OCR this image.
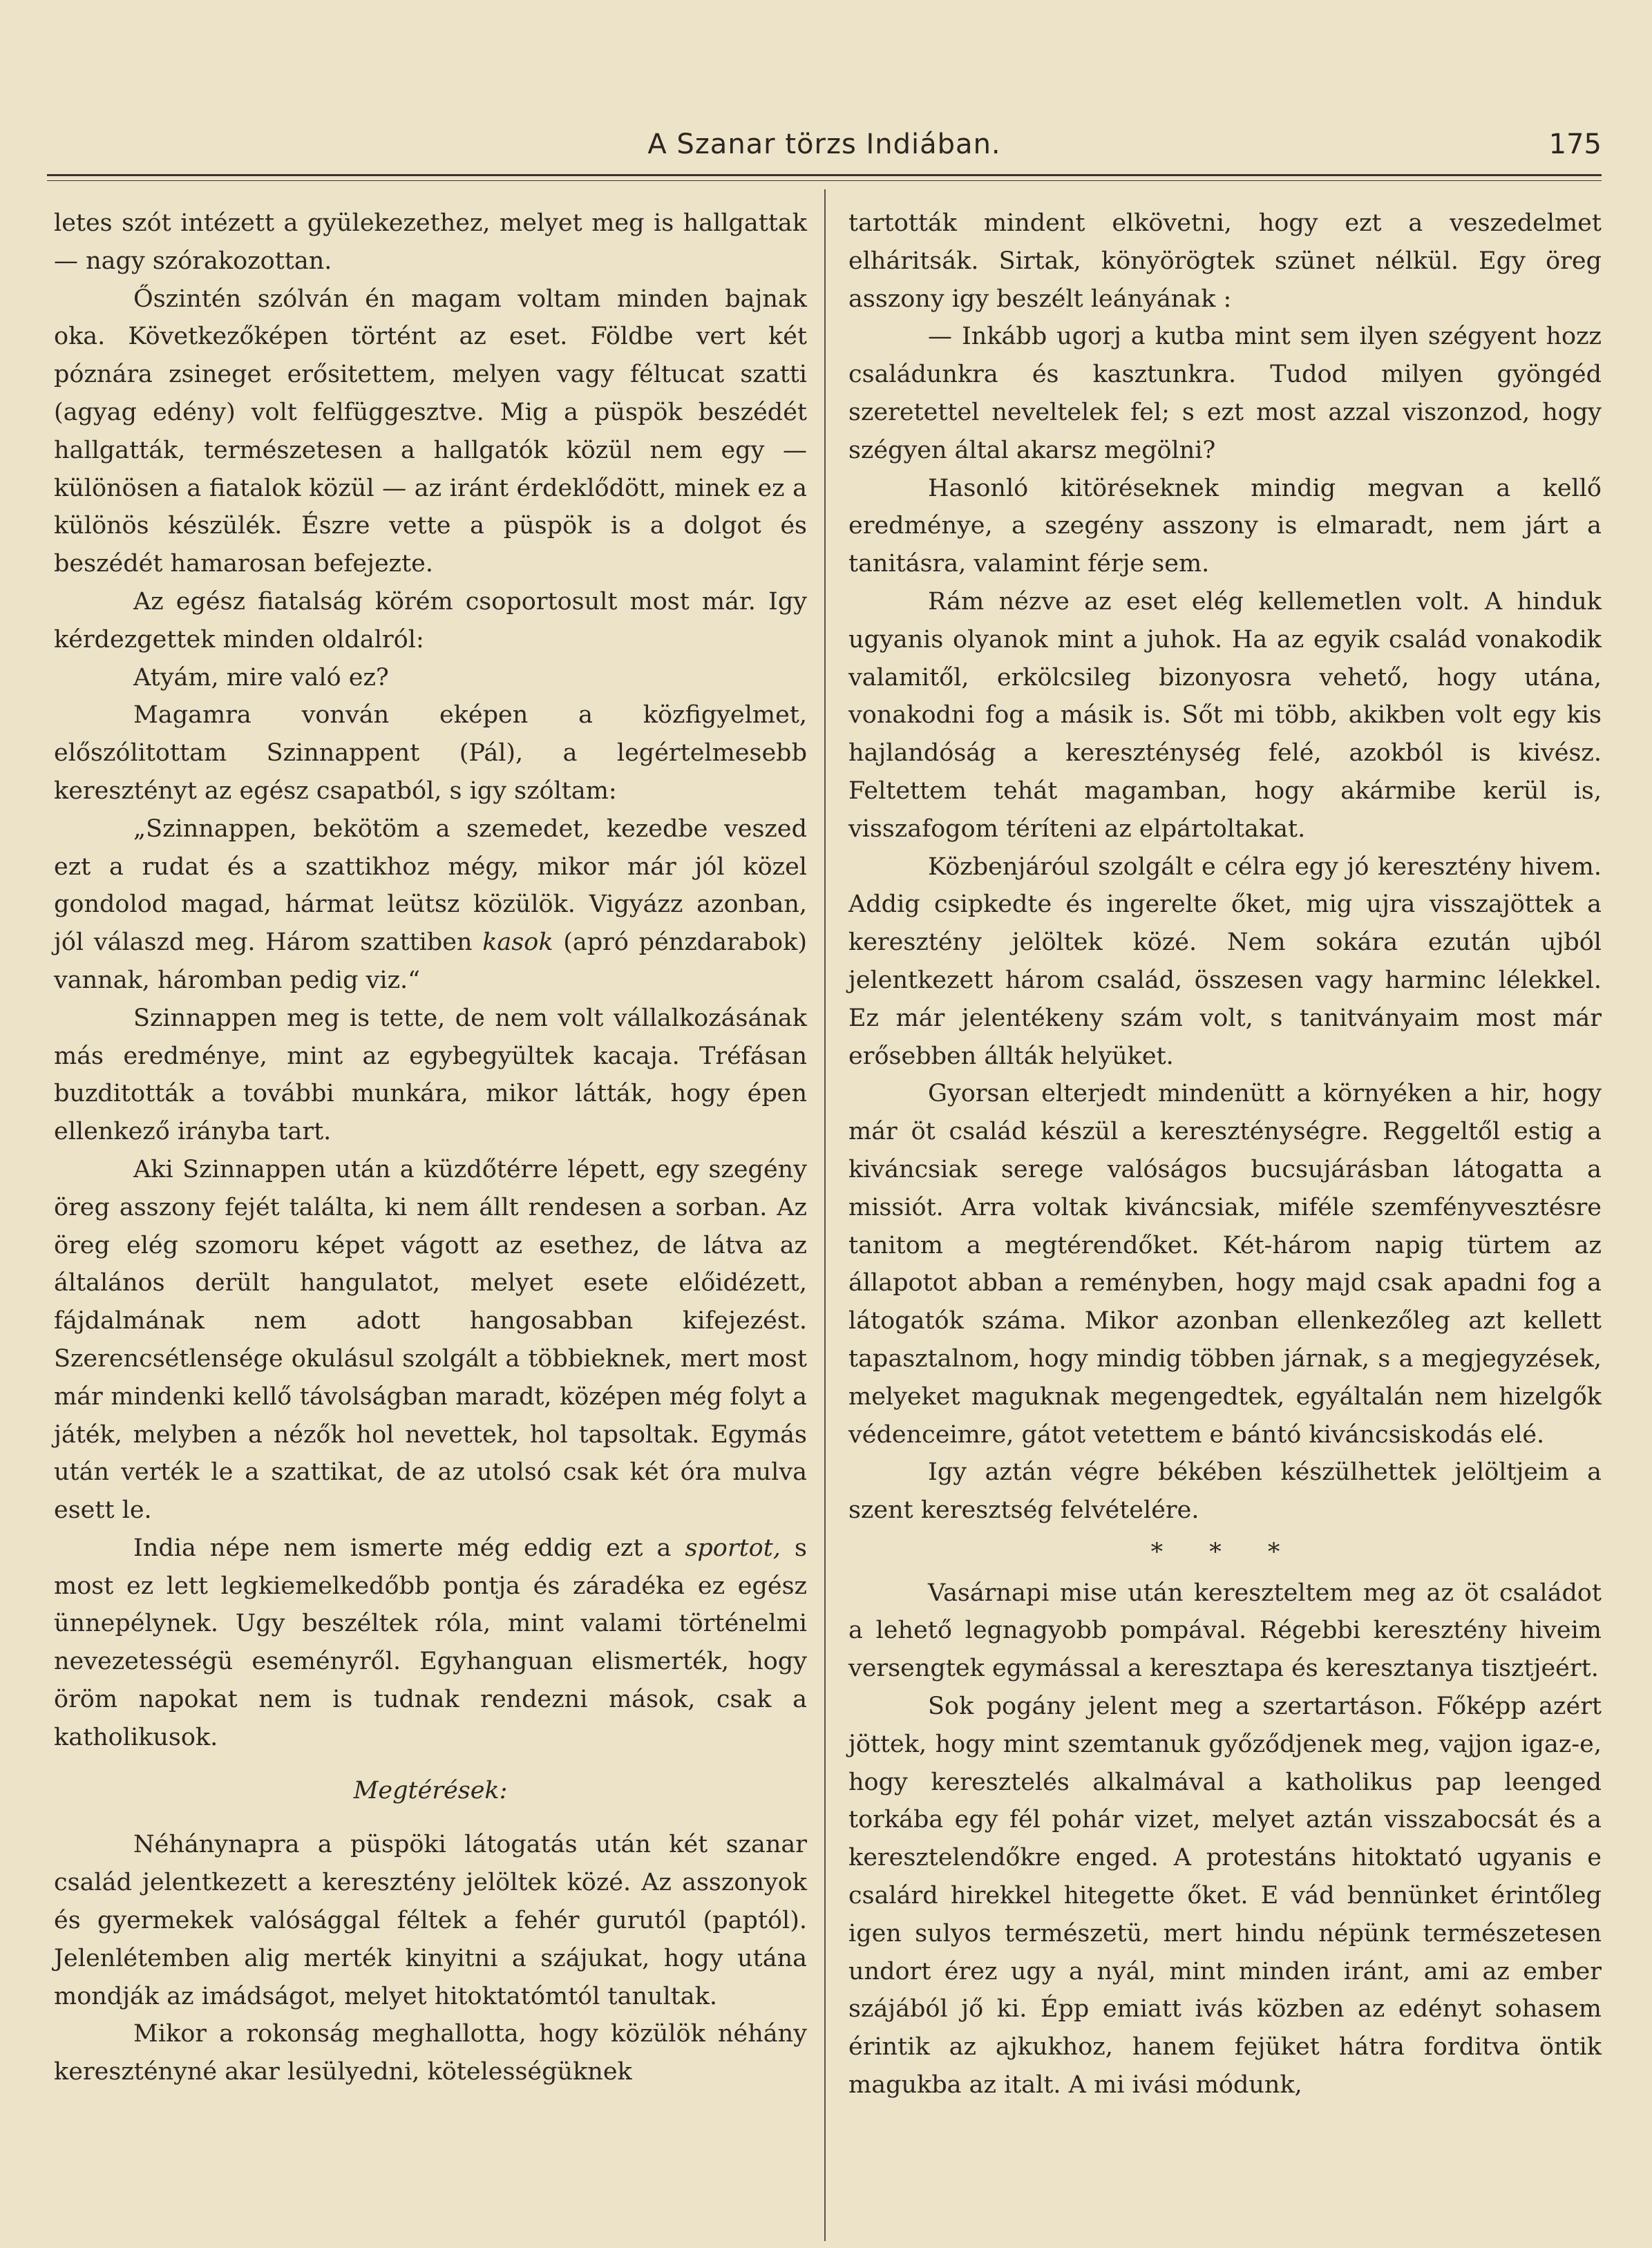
A Szanar törzs Indiában.	175

letes szót intézett a gyülekezethez, melyet meg is hallgattak — nagy szórakozottan.

Őszintén szólván én magam voltam minden bajnak oka. Következőképen történt az eset. Földbe vert két póznára zsineget erősitettem, melyen vagy féltucat szatti (agyag edény) volt felfüggesztve. Mig a püspök beszédét hallgatták, természetesen a hallgatók közül nem egy — különösen a fiatalok közül — az iránt érdeklődött, minek ez a különös készülék. Észre vette a püspök is a dolgot és beszédét hamarosan befejezte.

Az egész fiatalság körém csoportosult most már. Igy kérdezgettek minden oldalról:

Atyám, mire való ez?

Magamra vonván eképen a közfigyelmet, előszólitottam Szinnappent (Pál), a legértelmesebb keresztényt az egész csapatból, s igy szóltam:

„Szinnappen, bekötöm a szemedet, kezedbe veszed ezt a rudat és a szattikhoz mégy, mikor már jól közel gondolod magad, hármat leütsz közülök. Vigyázz azonban, jól válaszd meg. Három szattiben kasok (apró pénzdarabok) vannak, háromban pedig viz.“

Szinnappen meg is tette, de nem volt vállalkozásának más eredménye, mint az egybegyültek kacaja. Tréfásan buzditották a további munkára, mikor látták, hogy épen ellenkező irányba tart.

Aki Szinnappen után a küzdőtérre lépett, egy szegény öreg asszony fejét találta, ki nem állt rendesen a sorban. Az öreg elég szomoru képet vágott az esethez, de látva az általános derült hangulatot, melyet esete előidézett, fájdalmának nem adott hangosabban kifejezést. Szerencsétlensége okulásul szolgált a többieknek, mert most már mindenki kellő távolságban maradt, középen még folyt a játék, melyben a nézők hol nevettek, hol tapsoltak. Egymás után verték le a szattikat, de az utolsó csak két óra mulva esett le.

India népe nem ismerte még eddig ezt a sportot, s most ez lett legkiemelkedőbb pontja és záradéka ez egész ünnepélynek. Ugy beszéltek róla, mint valami történelmi nevezetességü eseményről. Egyhanguan elismerték, hogy öröm napokat nem is tudnak rendezni mások, csak a katholikusok.

Megtérések:

Néhánynapra a püspöki látogatás után két szanar család jelentkezett a keresztény jelöltek közé. Az asszonyok és gyermekek valósággal féltek a fehér gurutól (paptól). Jelenlétemben alig merték kinyitni a szájukat, hogy utána mondják az imádságot, melyet hitoktatómtól tanultak.

Mikor a rokonság meghallotta, hogy közülök néhány keresztényné akar lesülyedni, kötelességüknek

tartották mindent elkövetni, hogy ezt a veszedelmet elháritsák. Sirtak, könyörögtek szünet nélkül. Egy öreg asszony igy beszélt leányának :

— Inkább ugorj a kutba mint sem ilyen szégyent hozz családunkra és kasztunkra. Tudod milyen gyöngéd szeretettel neveltelek fel; s ezt most azzal viszonzod, hogy szégyen által akarsz megölni?

Hasonló kitöréseknek mindig megvan a kellő eredménye, a szegény asszony is elmaradt, nem járt a tanitásra, valamint férje sem.

Rám nézve az eset elég kellemetlen volt. A hinduk ugyanis olyanok mint a juhok. Ha az egyik család vonakodik valamitől, erkölcsileg bizonyosra vehető, hogy utána, vonakodni fog a másik is. Sőt mi több, akikben volt egy kis hajlandóság a kereszténység felé, azokból is kivész. Feltettem tehát magamban, hogy akármibe kerül is, visszafogom téríteni az elpártoltakat.

Közbenjáróul szolgált e célra egy jó keresztény hivem. Addig csipkedte és ingerelte őket, mig ujra visszajöttek a keresztény jelöltek közé. Nem sokára ezután ujból jelentkezett három család, összesen vagy harminc lélekkel. Ez már jelentékeny szám volt, s tanitványaim most már erősebben állták helyüket.

Gyorsan elterjedt mindenütt a környéken a hir, hogy már öt család készül a kereszténységre. Reggeltől estig a kiváncsiak serege valóságos bucsujárásban látogatta a missiót. Arra voltak kiváncsiak, miféle szemfényvesztésre tanitom a megtérendőket. Két-három napig türtem az állapotot abban a reményben, hogy majd csak apadni fog a látogatók száma. Mikor azonban ellenkezőleg azt kellett tapasztalnom, hogy mindig többen járnak, s a megjegyzések, melyeket maguknak megengedtek, egyáltalán nem hizelgők védenceimre, gátot vetettem e bántó kiváncsiskodás elé.

Igy aztán végre békében készülhettek jelöltjeim a szent keresztség felvételére.

* * *

Vasárnapi mise után kereszteltem meg az öt családot a lehető legnagyobb pompával. Régebbi keresztény hiveim versengtek egymással a keresztapa és keresztanya tisztjeért.

Sok pogány jelent meg a szertartáson. Főképp azért jöttek, hogy mint szemtanuk győződjenek meg, vajjon igaz-e, hogy keresztelés alkalmával a katholikus pap leenged torkába egy fél pohár vizet, melyet aztán visszabocsát és a keresztelendőkre enged. A protestáns hitoktató ugyanis e csalárd hirekkel hitegette őket. E vád bennünket érintőleg igen sulyos természetü, mert hindu népünk természetesen undort érez ugy a nyál, mint minden iránt, ami az ember szájából jő ki. Épp emiatt ivás közben az edényt sohasem érintik az ajkukhoz, hanem fejüket hátra forditva öntik magukba az italt. A mi ivási módunk,
